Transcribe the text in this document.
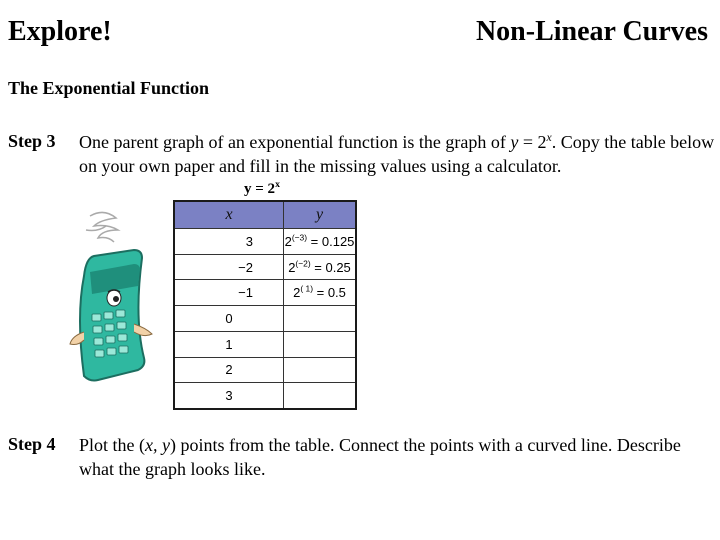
Explore!	Non-Linear Curves
The Exponential Function
Step 3 One parent graph of an exponential function is the graph of $y = 2^x$. Copy the table below on your own paper and fill in the missing values using a calculator.
$y = 2^x$
x	y
3	$2^{(-3)} = 0.125$
−2	$2^{(-2)} = 0.25$
−1	$2^{( 1)} = 0.5$
0	
1	
2	
3	
Step 4 Plot the (x, y) points from the table. Connect the points with a curved line. Describe what the graph looks like.
